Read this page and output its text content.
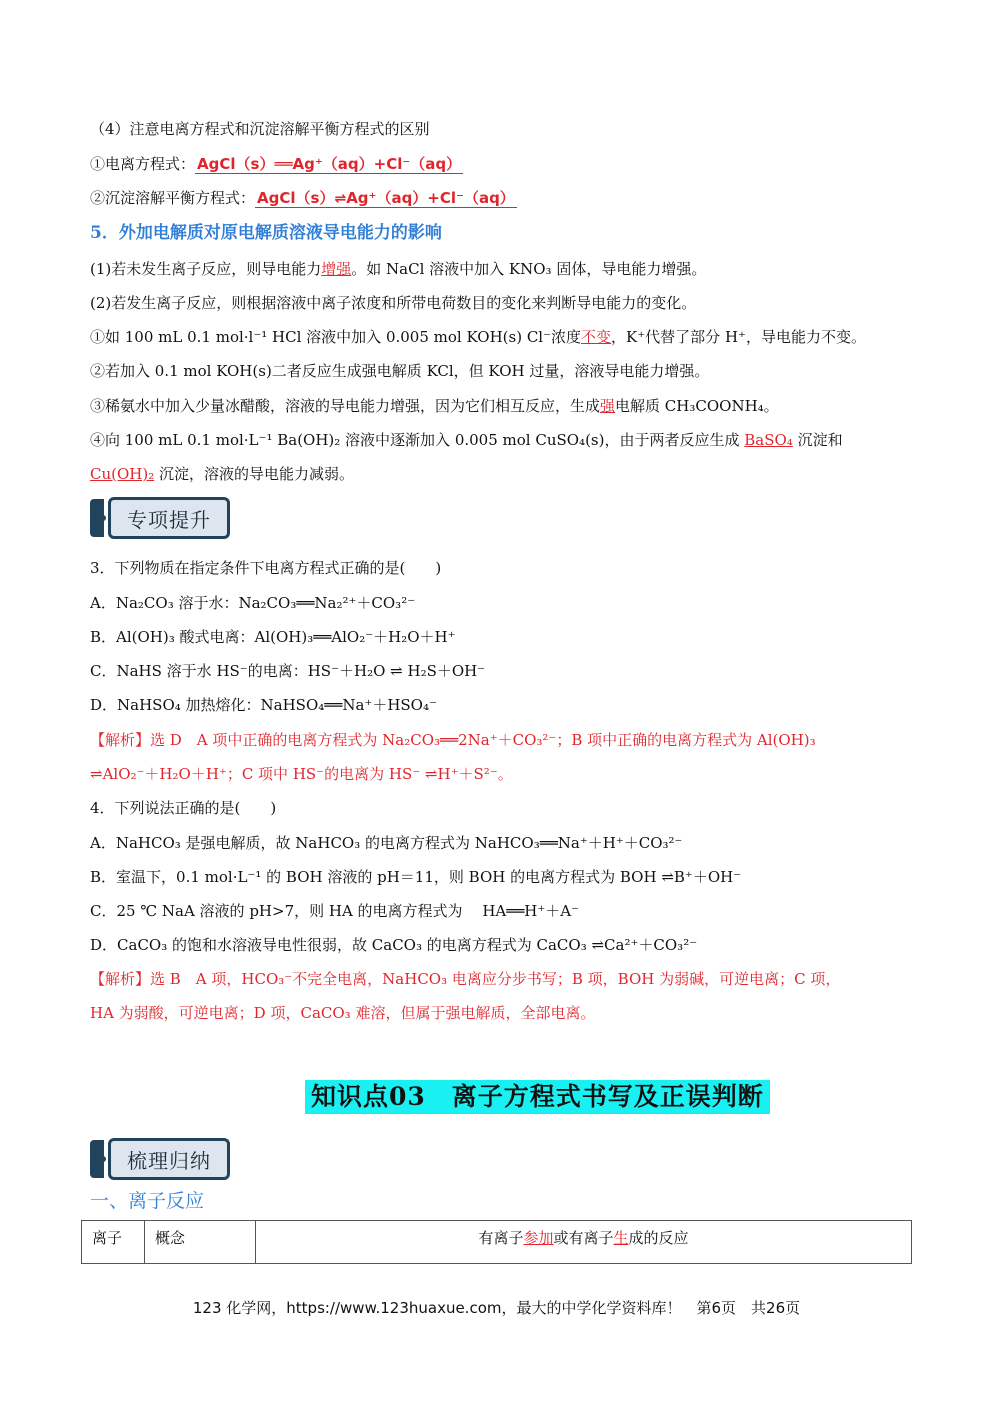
（4）注意电离方程式和沉淀溶解平衡方程式的区别
①电离方程式： AgCl（s）══Ag⁺（aq）+Cl⁻（aq）
②沉淀溶解平衡方程式： AgCl（s）⇌Ag⁺（aq）+Cl⁻（aq）
5．外加电解质对原电解质溶液导电能力的影响
(1)若未发生离子反应，则导电能力增强。如 NaCl 溶液中加入 KNO₃ 固体，导电能力增强。
(2)若发生离子反应，则根据溶液中离子浓度和所带电荷数目的变化来判断导电能力的变化。
①如 100 mL 0.1 mol·l⁻¹ HCl 溶液中加入 0.005 mol KOH(s) Cl⁻浓度不变，K⁺代替了部分 H⁺，导电能力不变。
②若加入 0.1 mol KOH(s)二者反应生成强电解质 KCl，但 KOH 过量，溶液导电能力增强。
③稀氨水中加入少量冰醋酸，溶液的导电能力增强，因为它们相互反应，生成强电解质 CH₃COONH₄。
④向 100 mL 0.1 mol·L⁻¹ Ba(OH)₂ 溶液中逐渐加入 0.005 mol CuSO₄(s)，由于两者反应生成 BaSO₄ 沉淀和
Cu(OH)₂ 沉淀，溶液的导电能力减弱。
专项提升
3．下列物质在指定条件下电离方程式正确的是(　　)
A．Na₂CO₃ 溶于水：Na₂CO₃══Na₂²⁺＋CO₃²⁻
B．Al(OH)₃ 酸式电离：Al(OH)₃══AlO₂⁻＋H₂O＋H⁺
C．NaHS 溶于水 HS⁻的电离：HS⁻＋H₂O ⇌ H₂S＋OH⁻
D．NaHSO₄ 加热熔化：NaHSO₄══Na⁺＋HSO₄⁻
【解析】选 D　A 项中正确的电离方程式为 Na₂CO₃══2Na⁺＋CO₃²⁻；B 项中正确的电离方程式为 Al(OH)₃
⇌AlO₂⁻＋H₂O＋H⁺；C 项中 HS⁻的电离为 HS⁻ ⇌H⁺＋S²⁻。
4．下列说法正确的是(　　)
A．NaHCO₃ 是强电解质，故 NaHCO₃ 的电离方程式为 NaHCO₃══Na⁺＋H⁺＋CO₃²⁻
B．室温下，0.1 mol·L⁻¹ 的 BOH 溶液的 pH＝11，则 BOH 的电离方程式为 BOH ⇌B⁺＋OH⁻
C．25 ℃ NaA 溶液的 pH>7，则 HA 的电离方程式为　 HA══H⁺＋A⁻
D．CaCO₃ 的饱和水溶液导电性很弱，故 CaCO₃ 的电离方程式为 CaCO₃ ⇌Ca²⁺＋CO₃²⁻
【解析】选 B　A 项，HCO₃⁻不完全电离，NaHCO₃ 电离应分步书写；B 项，BOH 为弱碱，可逆电离；C 项，
HA 为弱酸，可逆电离；D 项，CaCO₃ 难溶，但属于强电解质，全部电离。
知识点03　离子方程式书写及正误判断
梳理归纳
一、离子反应
离子	概念	有离子参加或有离子生成的反应
123 化学网，https://www.123huaxue.com，最大的中学化学资料库！　第6页　共26页
